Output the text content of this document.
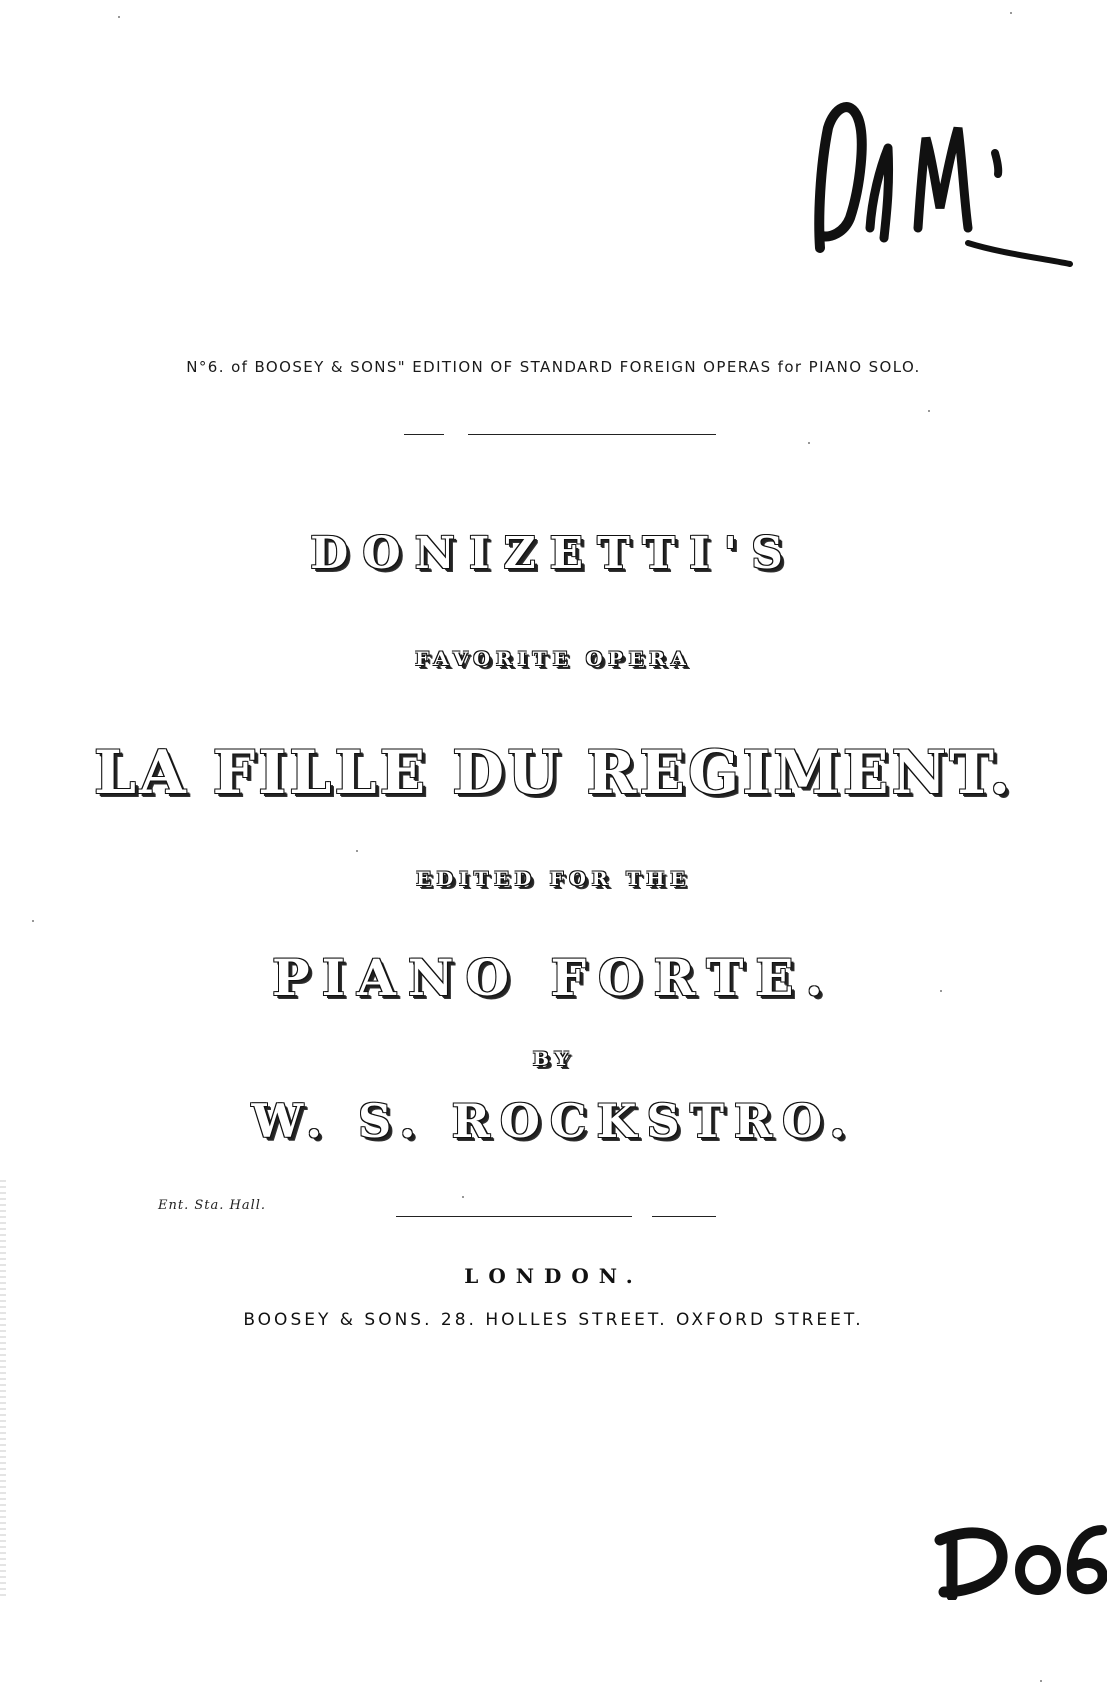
N°6. of BOOSEY & SONS" EDITION OF STANDARD FOREIGN OPERAS for PIANO SOLO.
DONIZETTI'S
FAVORITE OPERA
LA FILLE DU REGIMENT.
EDITED FOR THE
PIANO FORTE.
BY
W. S. ROCKSTRO.
Ent. Sta. Hall.
LONDON.
BOOSEY & SONS. 28. HOLLES STREET. OXFORD STREET.
